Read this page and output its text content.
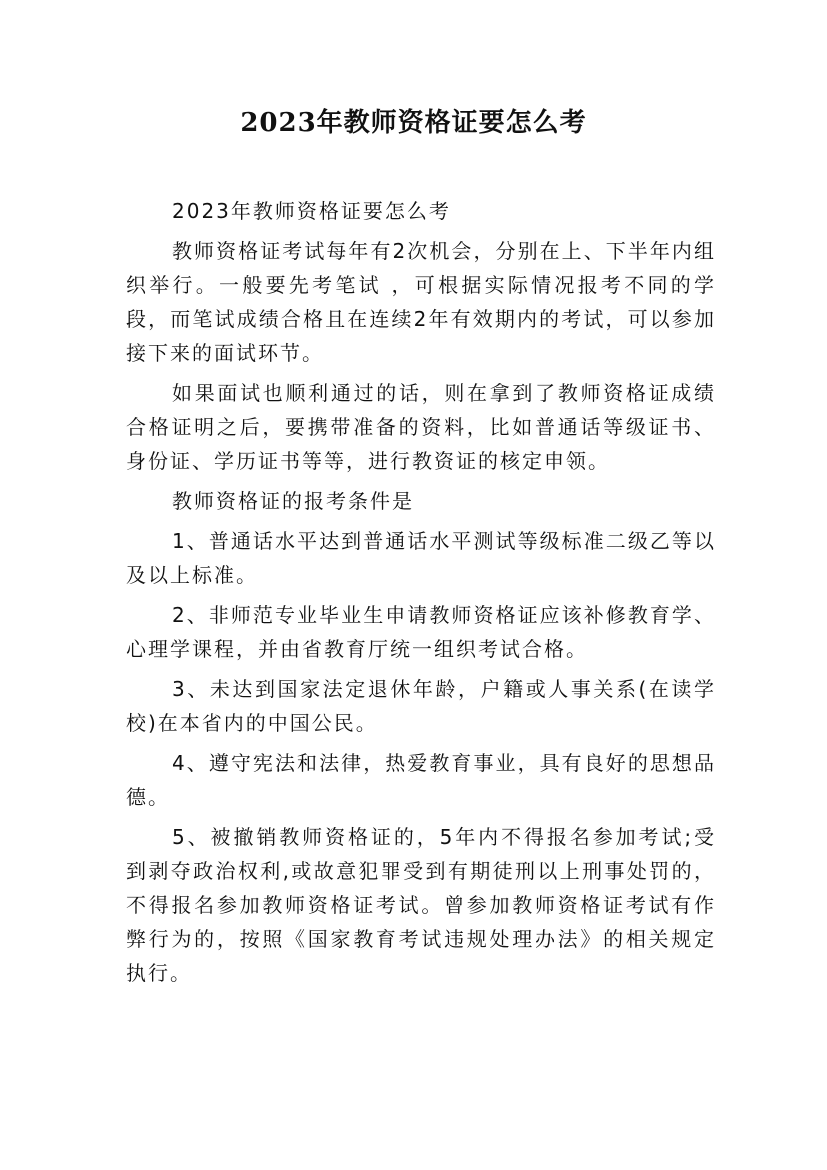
2023年教师资格证要怎么考

2023年教师资格证要怎么考

教师资格证考试每年有2次机会，分别在上、下半年内组织举行。一般要先考笔试 ，可根据实际情况报考不同的学段，而笔试成绩合格且在连续2年有效期内的考试，可以参加接下来的面试环节。

如果面试也顺利通过的话，则在拿到了教师资格证成绩合格证明之后，要携带准备的资料，比如普通话等级证书、身份证、学历证书等等，进行教资证的核定申领。

教师资格证的报考条件是

1、普通话水平达到普通话水平测试等级标准二级乙等以及以上标准。

2、非师范专业毕业生申请教师资格证应该补修教育学、心理学课程，并由省教育厅统一组织考试合格。

3、未达到国家法定退休年龄，户籍或人事关系(在读学校)在本省内的中国公民。

4、遵守宪法和法律，热爱教育事业，具有良好的思想品德。

5、被撤销教师资格证的，5年内不得报名参加考试;受到剥夺政治权利,或故意犯罪受到有期徒刑以上刑事处罚的，不得报名参加教师资格证考试。曾参加教师资格证考试有作弊行为的，按照《国家教育考试违规处理办法》的相关规定执行。
